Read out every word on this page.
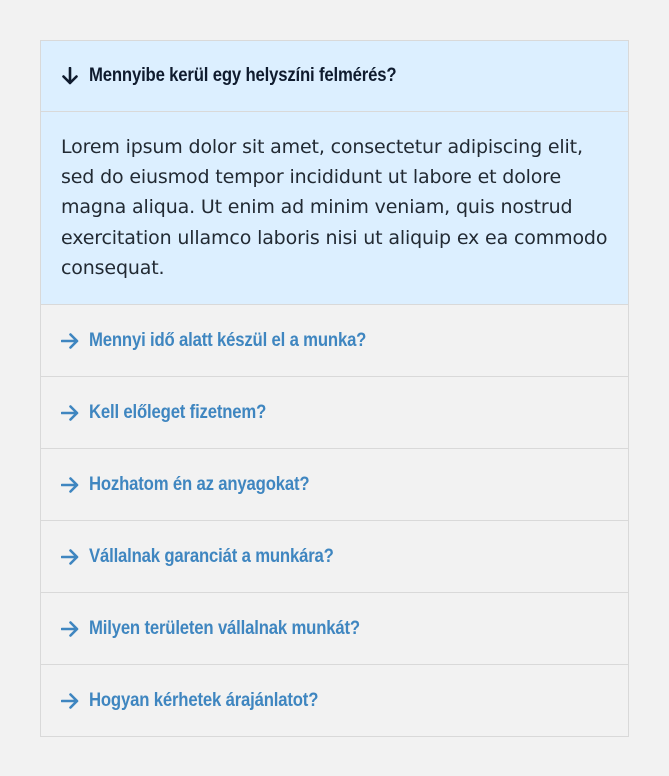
Mennyibe kerül egy helyszíni felmérés?

Lorem ipsum dolor sit amet, consectetur adipiscing elit, sed do eiusmod tempor incididunt ut labore et dolore magna aliqua. Ut enim ad minim veniam, quis nostrud exercitation ullamco laboris nisi ut aliquip ex ea commodo consequat.

Mennyi idő alatt készül el a munka?
Kell előleget fizetnem?
Hozhatom én az anyagokat?
Vállalnak garanciát a munkára?
Milyen területen vállalnak munkát?
Hogyan kérhetek árajánlatot?
